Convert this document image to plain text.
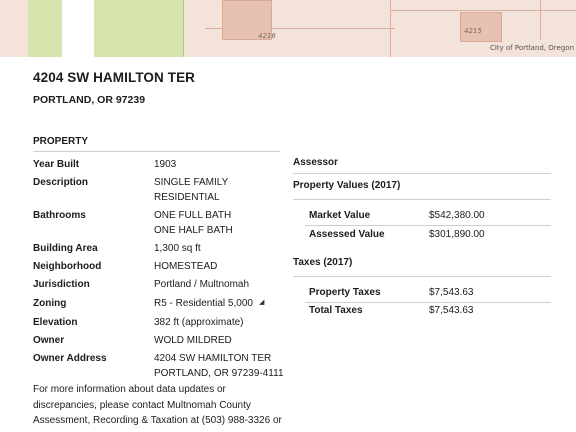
4216
4215
City of Portland, Oregon
4204 SW HAMILTON TER
PORTLAND, OR 97239
PROPERTY
Year Built	1903
Description	SINGLE FAMILY
RESIDENTIAL
Bathrooms	ONE FULL BATH
ONE HALF BATH
Building Area	1,300 sq ft
Neighborhood	HOMESTEAD
Jurisdiction	Portland / Multnomah
Zoning	R5 - Residential 5,000
Elevation	382 ft (approximate)
Owner	WOLD MILDRED
Owner Address	4204 SW HAMILTON TER
PORTLAND, OR 97239-4111
◢
Assessor
Property Values (2017)
Market Value	$542,380.00
Assessed Value	$301,890.00
Taxes (2017)
Property Taxes	$7,543.63
Total Taxes	$7,543.63
For more information about data updates or
discrepancies, please contact Multnomah County
Assessment, Recording & Taxation at (503) 988-3326 or
